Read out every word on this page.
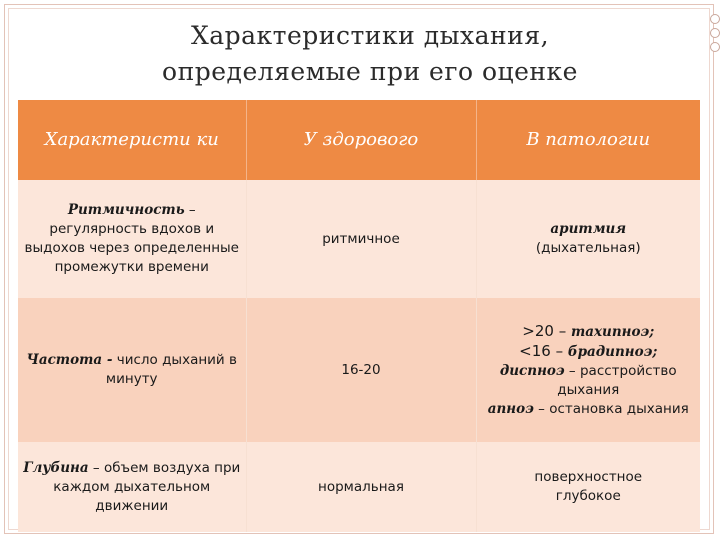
Характеристики дыхания,
определяемые при его оценке
Характеристи ки	У здорового	В патологии
Ритмичность – регулярность вдохов и выдохов через определенные промежутки времени	ритмичное	аритмия
(дыхательная)

Частота - число дыханий в минуту	16-20	>20 – тахипноэ;
<16 – брадипноэ;
диспноэ – расстройство дыхания
апноэ – остановка дыхания

Глубина – объем воздуха при каждом дыхательном движении	нормальная	поверхностное
глубокое
